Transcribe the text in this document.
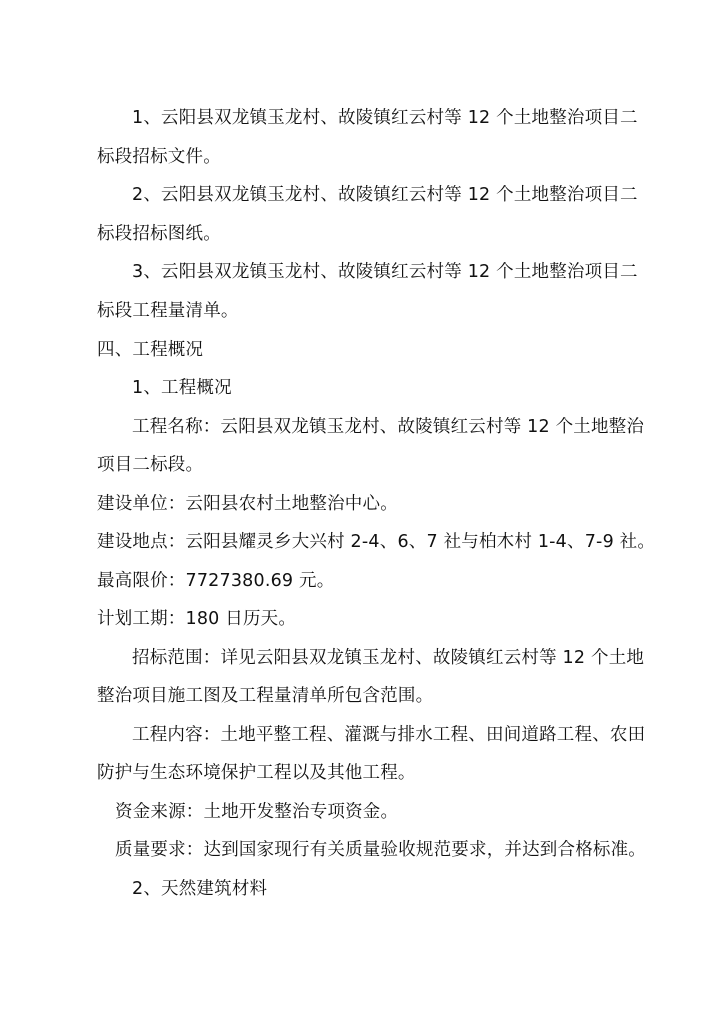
1、云阳县双龙镇玉龙村、故陵镇红云村等 12 个土地整治项目二
标段招标文件。
2、云阳县双龙镇玉龙村、故陵镇红云村等 12 个土地整治项目二
标段招标图纸。
3、云阳县双龙镇玉龙村、故陵镇红云村等 12 个土地整治项目二
标段工程量清单。
四、工程概况
1、工程概况
工程名称：云阳县双龙镇玉龙村、故陵镇红云村等 12 个土地整治
项目二标段。
建设单位：云阳县农村土地整治中心。
建设地点：云阳县耀灵乡大兴村 2-4、6、7 社与柏木村 1-4、7-9 社。
最高限价：7727380.69 元。
计划工期：180 日历天。
招标范围：详见云阳县双龙镇玉龙村、故陵镇红云村等 12 个土地
整治项目施工图及工程量清单所包含范围。
工程内容：土地平整工程、灌溉与排水工程、田间道路工程、农田
防护与生态环境保护工程以及其他工程。
资金来源：土地开发整治专项资金。
质量要求：达到国家现行有关质量验收规范要求，并达到合格标准。
2、天然建筑材料
